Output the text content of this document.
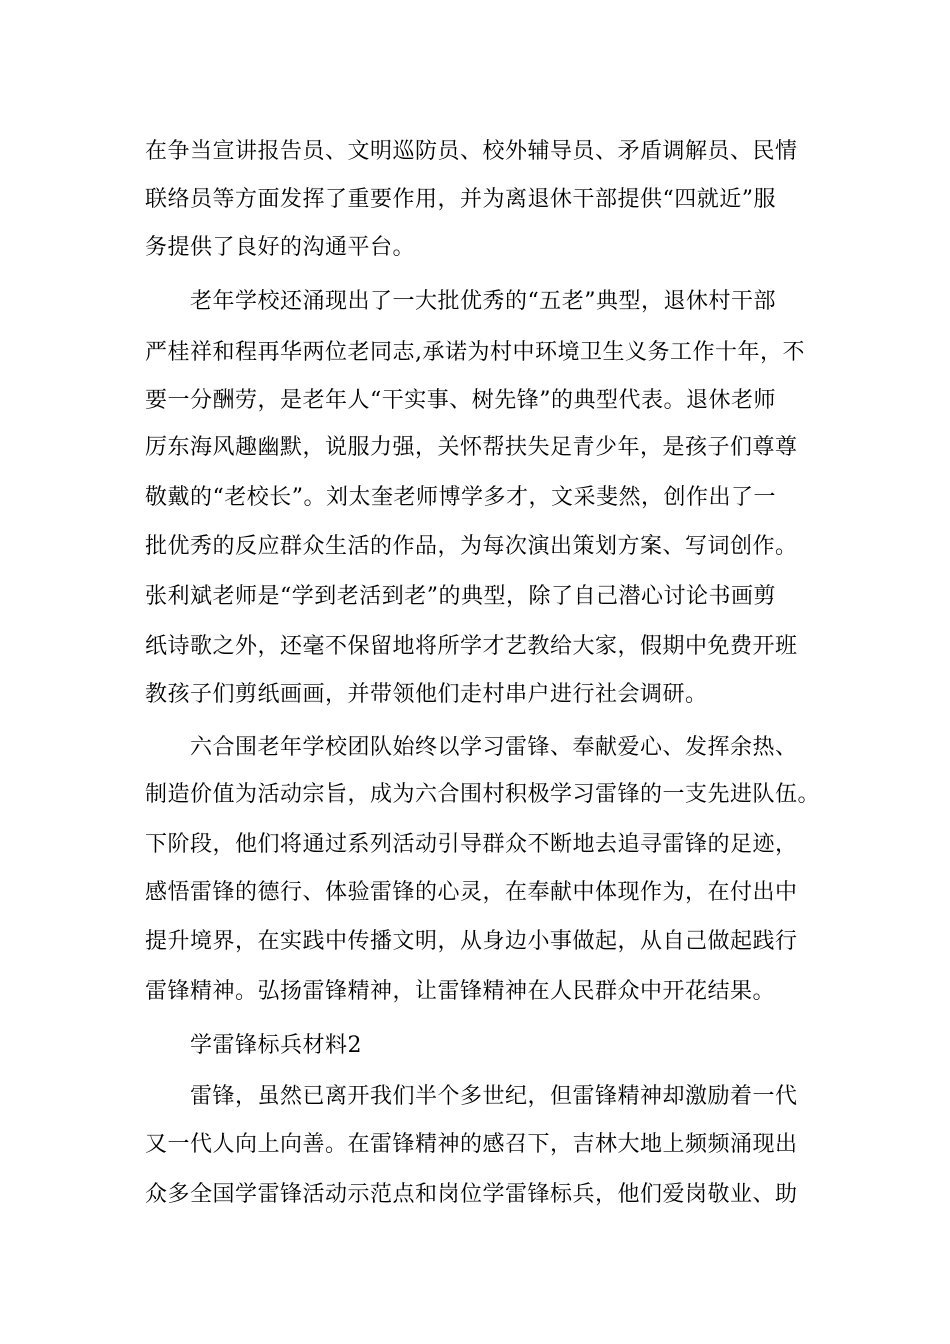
在争当宣讲报告员、文明巡防员、校外辅导员、矛盾调解员、民情

联络员等方面发挥了重要作用，并为离退休干部提供“四就近”服

务提供了良好的沟通平台。

老年学校还涌现出了一大批优秀的“五老”典型，退休村干部

严桂祥和程再华两位老同志,承诺为村中环境卫生义务工作十年，不

要一分酬劳，是老年人“干实事、树先锋”的典型代表。退休老师

厉东海风趣幽默，说服力强，关怀帮扶失足青少年，是孩子们尊尊

敬戴的“老校长”。刘太奎老师博学多才，文采斐然，创作出了一

批优秀的反应群众生活的作品，为每次演出策划方案、写词创作。

张利斌老师是“学到老活到老”的典型，除了自己潜心讨论书画剪

纸诗歌之外，还毫不保留地将所学才艺教给大家，假期中免费开班

教孩子们剪纸画画，并带领他们走村串户进行社会调研。

六合围老年学校团队始终以学习雷锋、奉献爱心、发挥余热、

制造价值为活动宗旨，成为六合围村积极学习雷锋的一支先进队伍。

下阶段，他们将通过系列活动引导群众不断地去追寻雷锋的足迹，

感悟雷锋的德行、体验雷锋的心灵，在奉献中体现作为，在付出中

提升境界，在实践中传播文明，从身边小事做起，从自己做起践行

雷锋精神。弘扬雷锋精神，让雷锋精神在人民群众中开花结果。

学雷锋标兵材料2

雷锋，虽然已离开我们半个多世纪，但雷锋精神却激励着一代

又一代人向上向善。在雷锋精神的感召下，吉林大地上频频涌现出

众多全国学雷锋活动示范点和岗位学雷锋标兵，他们爱岗敬业、助
